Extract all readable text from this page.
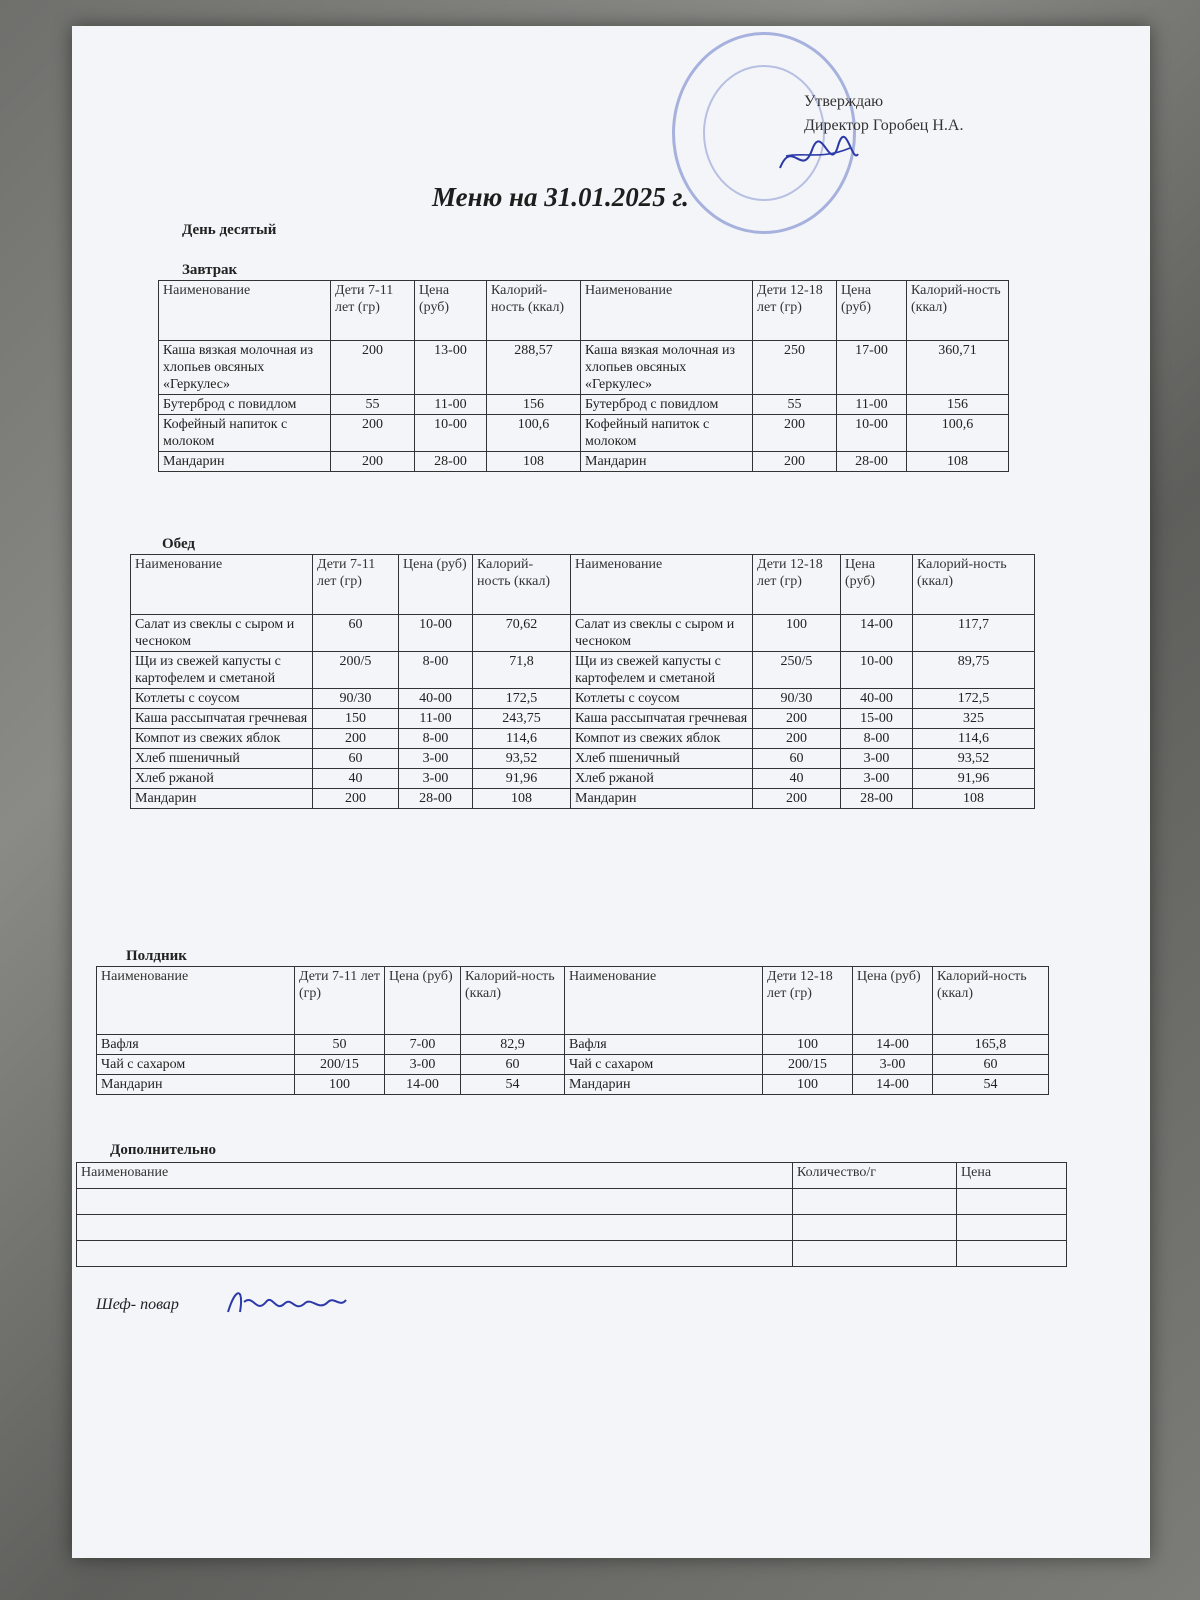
Утверждаю
Директор Горобец Н.А.
Меню на 31.01.2025 г.
День десятый
Завтрак
Наименование	Дети 7-11 лет (гр)	Цена (руб)	Калорий-ность (ккал)	Наименование	Дети 12-18 лет (гр)	Цена (руб)	Калорий-ность (ккал)
Каша вязкая молочная из хлопьев овсяных «Геркулес»	200	13-00	288,57	Каша вязкая молочная из хлопьев овсяных «Геркулес»	250	17-00	360,71
Бутерброд с повидлом	55	11-00	156	Бутерброд с повидлом	55	11-00	156
Кофейный напиток с молоком	200	10-00	100,6	Кофейный напиток с молоком	200	10-00	100,6
Мандарин	200	28-00	108	Мандарин	200	28-00	108
Обед
Наименование	Дети 7-11 лет (гр)	Цена (руб)	Калорий-ность (ккал)	Наименование	Дети 12-18 лет (гр)	Цена (руб)	Калорий-ность (ккал)
Салат из свеклы с сыром и чесноком	60	10-00	70,62	Салат из свеклы с сыром и чесноком	100	14-00	117,7
Щи из свежей капусты с картофелем и сметаной	200/5	8-00	71,8	Щи из свежей капусты с картофелем и сметаной	250/5	10-00	89,75
Котлеты с соусом	90/30	40-00	172,5	Котлеты с соусом	90/30	40-00	172,5
Каша рассыпчатая гречневая	150	11-00	243,75	Каша рассыпчатая гречневая	200	15-00	325
Компот из свежих яблок	200	8-00	114,6	Компот из свежих яблок	200	8-00	114,6
Хлеб пшеничный	60	3-00	93,52	Хлеб пшеничный	60	3-00	93,52
Хлеб ржаной	40	3-00	91,96	Хлеб ржаной	40	3-00	91,96
Мандарин	200	28-00	108	Мандарин	200	28-00	108
Полдник
Наименование	Дети 7-11 лет (гр)	Цена (руб)	Калорий-ность (ккал)	Наименование	Дети 12-18 лет (гр)	Цена (руб)	Калорий-ность (ккал)
Вафля	50	7-00	82,9	Вафля	100	14-00	165,8
Чай с сахаром	200/15	3-00	60	Чай с сахаром	200/15	3-00	60
Мандарин	100	14-00	54	Мандарин	100	14-00	54
Дополнительно
Наименование	Количество/г	Цена

Шеф- повар
Лагута
